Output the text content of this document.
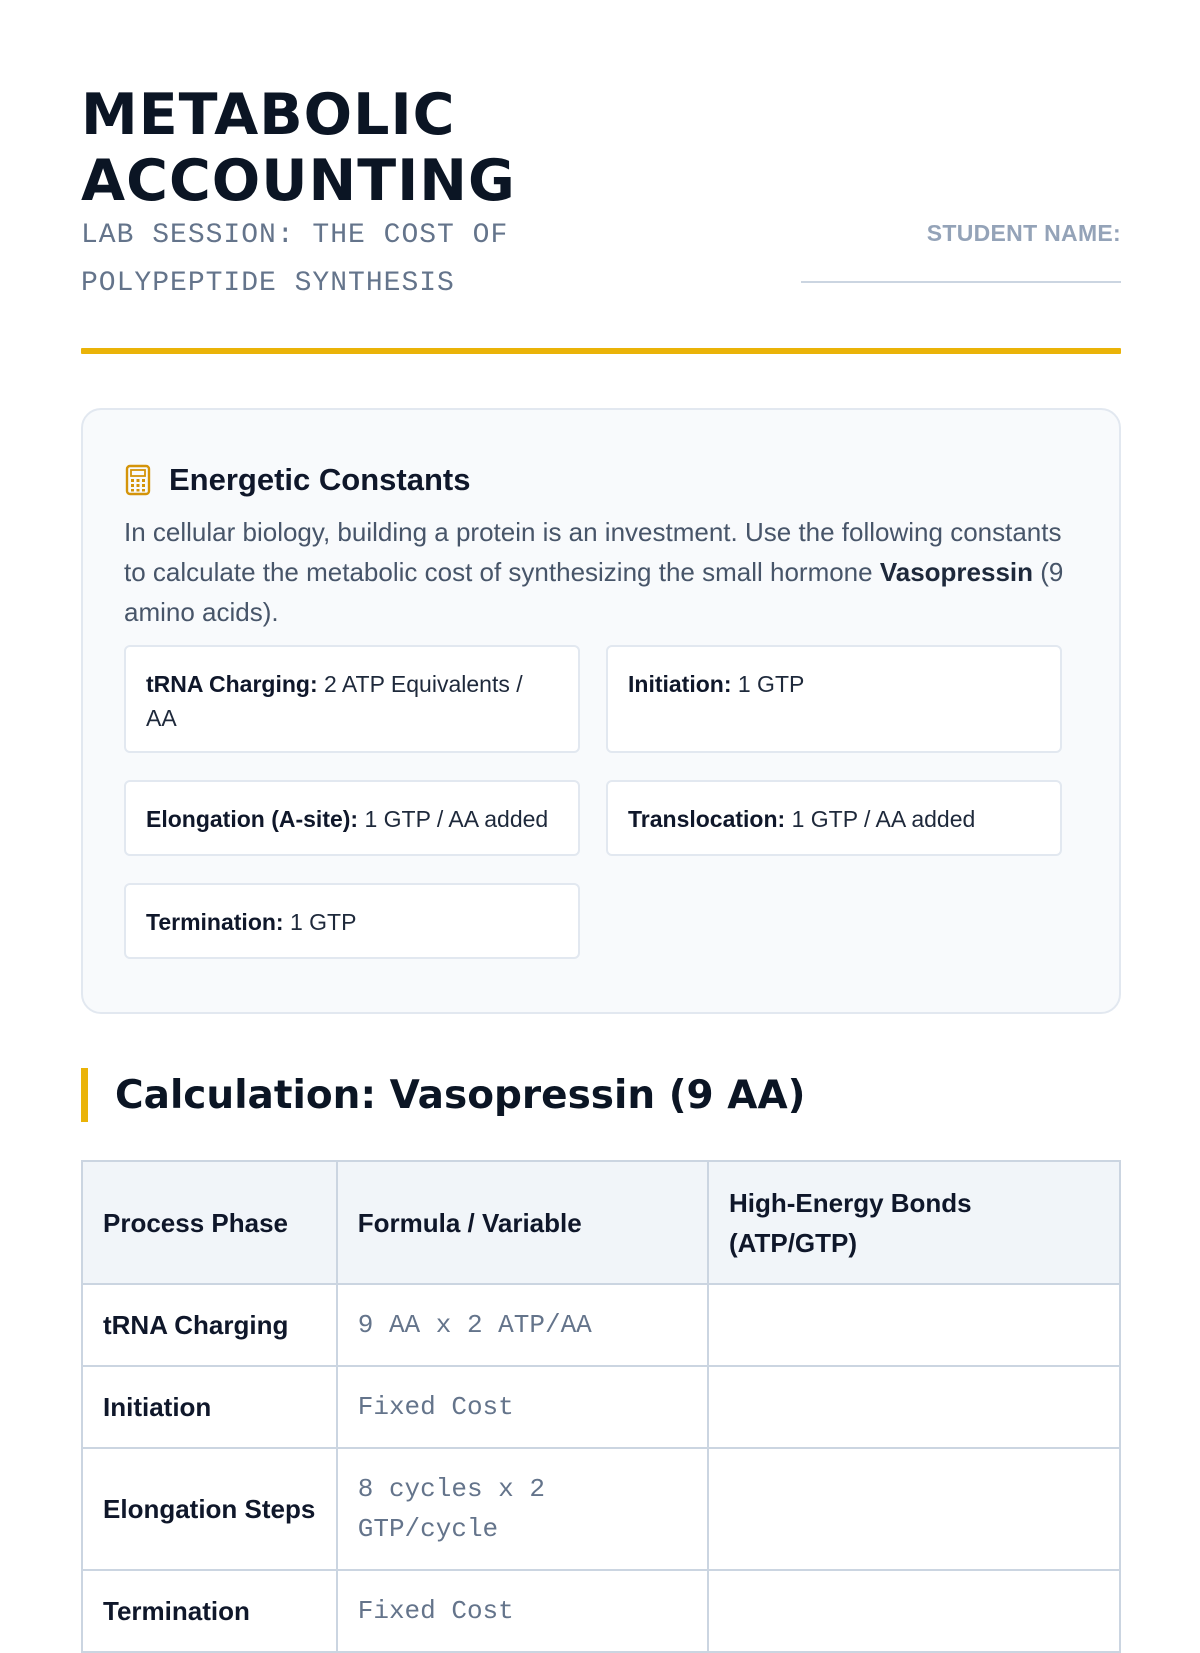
METABOLIC
ACCOUNTING
LAB SESSION: THE COST OF POLYPEPTIDE SYNTHESIS
STUDENT NAME:
Energetic Constants

In cellular biology, building a protein is an investment. Use the following constants to calculate the metabolic cost of synthesizing the small hormone Vasopressin (9 amino acids).

tRNA Charging: 2 ATP Equivalents / AA
Initiation: 1 GTP
Elongation (A-site): 1 GTP / AA added	Translocation: 1 GTP / AA added
Termination: 1 GTP
Calculation: Vasopressin (9 AA)
Process Phase	Formula / Variable	High-Energy Bonds (ATP/GTP)
tRNA Charging	9 AA x 2 ATP/AA	
Initiation	Fixed Cost	
Elongation Steps	8 cycles x 2 GTP/cycle	
Termination	Fixed Cost	
